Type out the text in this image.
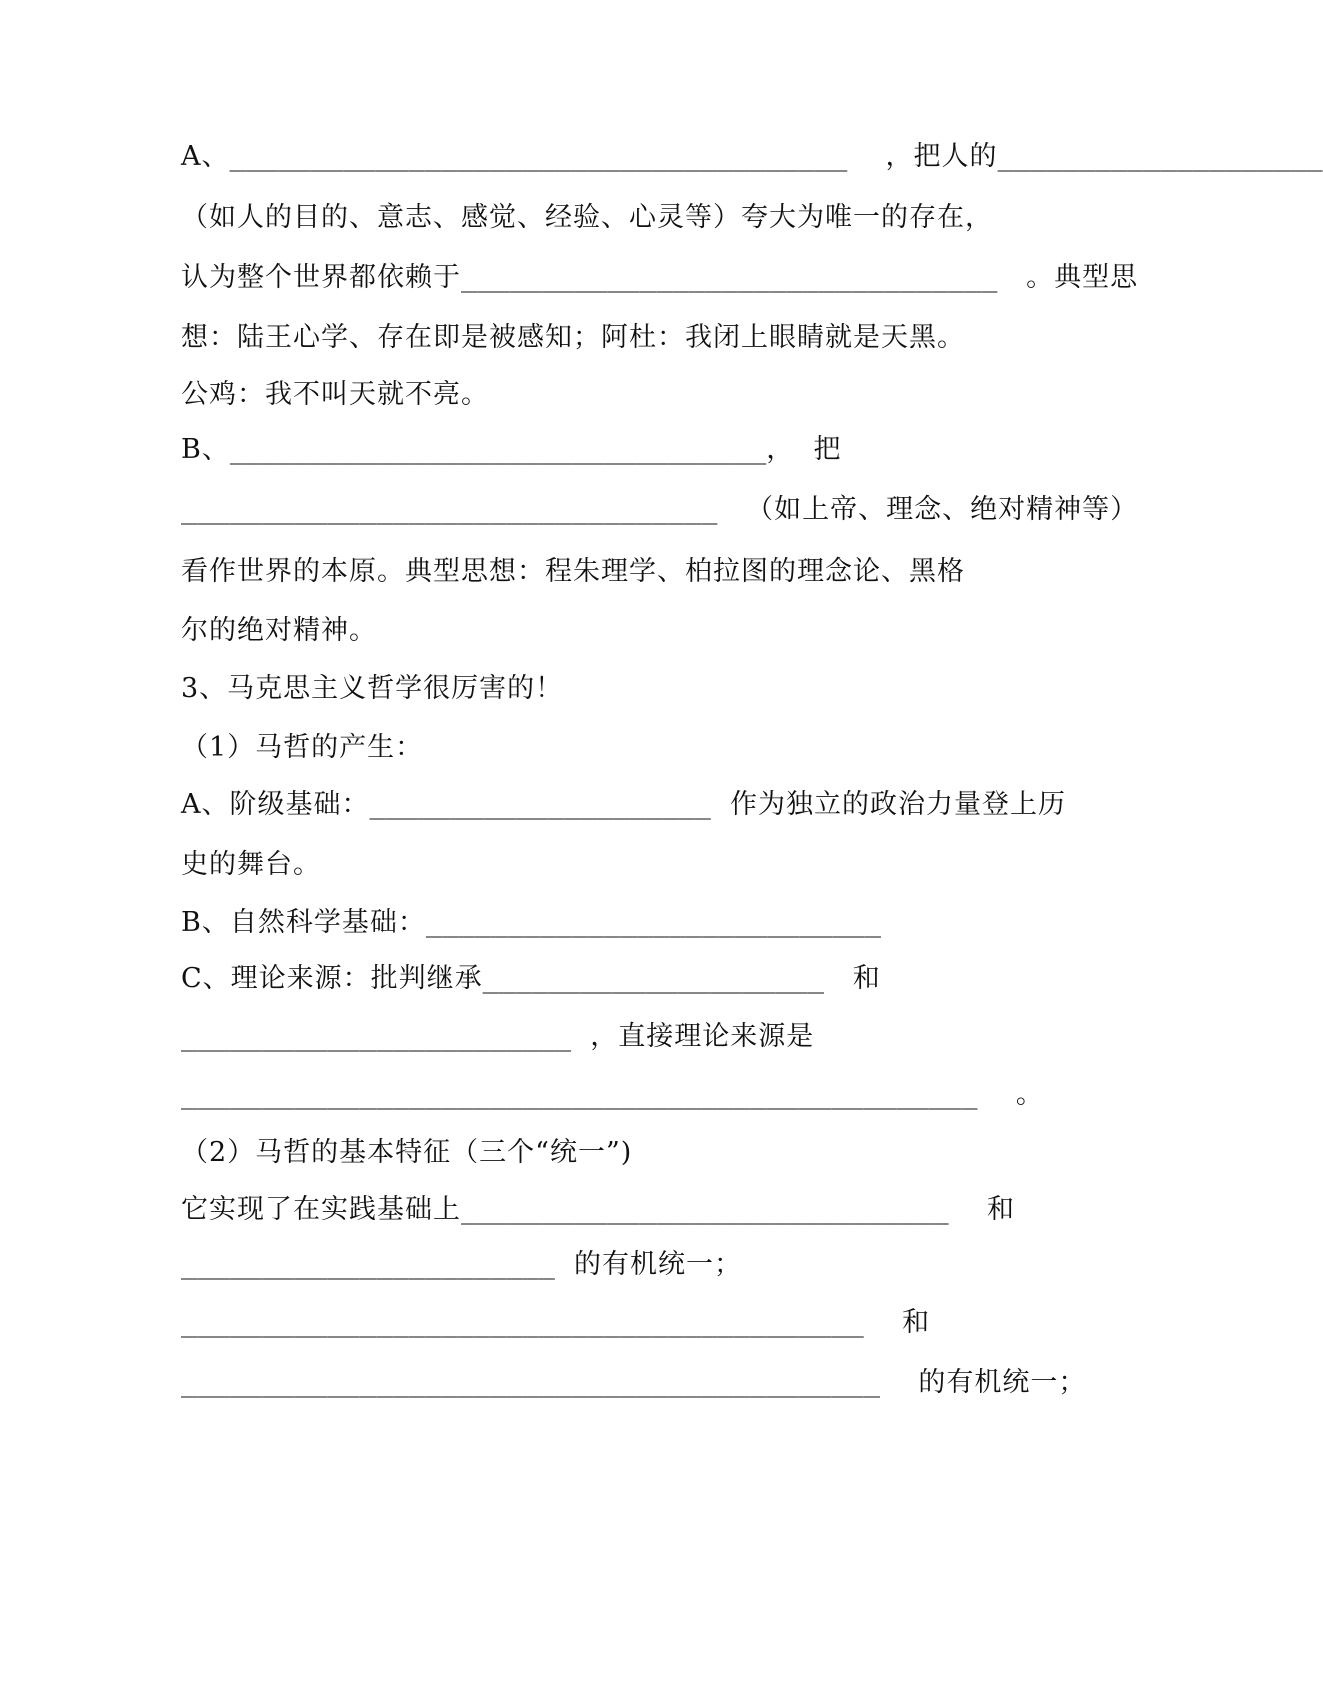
A、______________________________________    ，把人的____________________
（如人的目的、意志、感觉、经验、心灵等）夸大为唯一的存在，
认为整个世界都依赖于_________________________________   。典型思
想：陆王心学、存在即是被感知；阿杜：我闭上眼睛就是天黑。
公鸡：我不叫天就不亮。
B、_________________________________，  把
_________________________________   （如上帝、理念、绝对精神等）
看作世界的本原。典型思想：程朱理学、柏拉图的理念论、黑格
尔的绝对精神。
3、马克思主义哲学很厉害的！
（1）马哲的产生：
A、阶级基础：_____________________  作为独立的政治力量登上历
史的舞台。
B、自然科学基础：____________________________
C、理论来源：批判继承_____________________   和
________________________  ，直接理论来源是
_________________________________________________    。
（2）马哲的基本特征（三个“统一”)
它实现了在实践基础上______________________________    和
_______________________  的有机统一；
__________________________________________    和
___________________________________________    的有机统一；
